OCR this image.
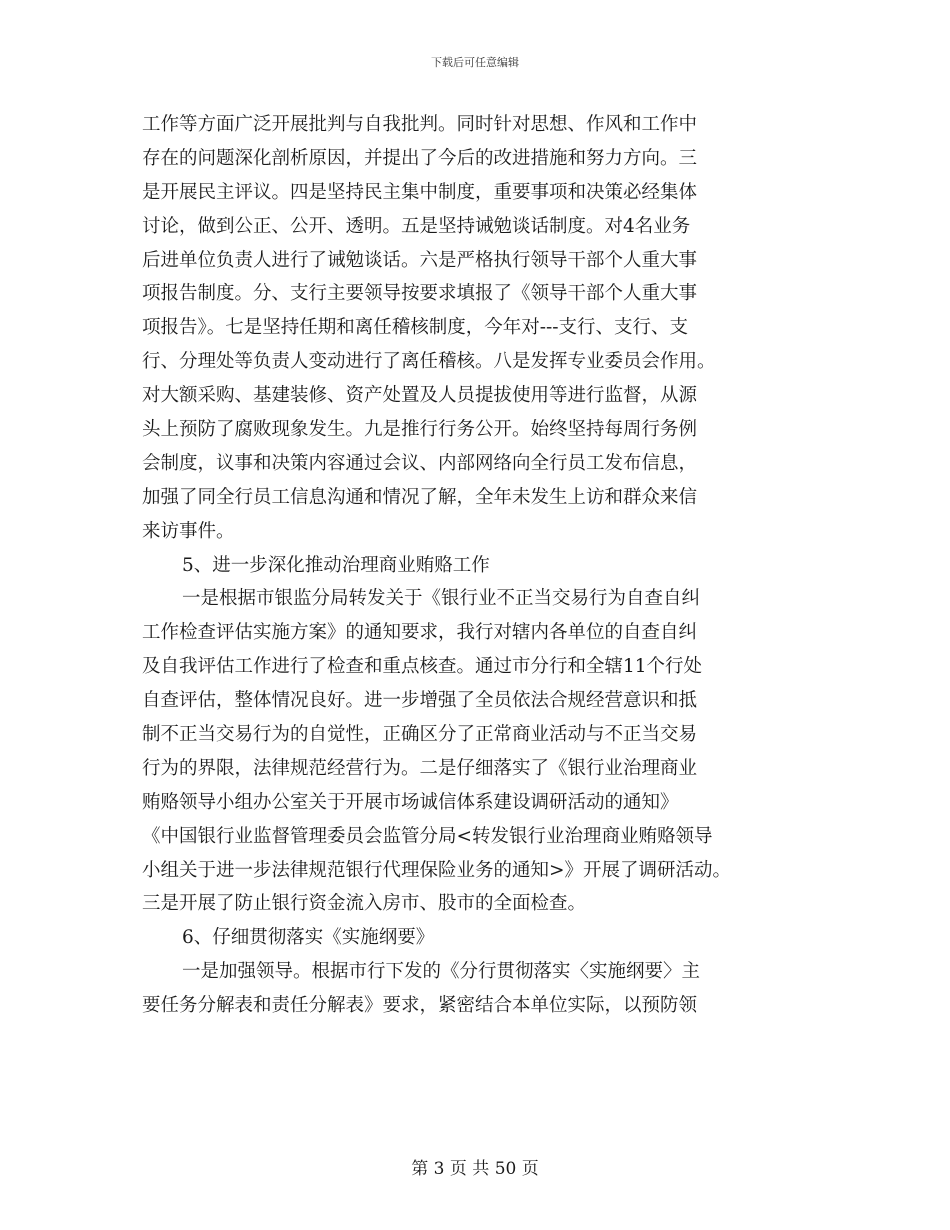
下载后可任意编辑
工作等方面广泛开展批判与自我批判。同时针对思想、作风和工作中
存在的问题深化剖析原因，并提出了今后的改进措施和努力方向。三
是开展民主评议。四是坚持民主集中制度，重要事项和决策必经集体
讨论，做到公正、公开、透明。五是坚持诫勉谈话制度。对4名业务
后进单位负责人进行了诫勉谈话。六是严格执行领导干部个人重大事
项报告制度。分、支行主要领导按要求填报了《领导干部个人重大事
项报告》。七是坚持任期和离任稽核制度，今年对---支行、支行、支
行、分理处等负责人变动进行了离任稽核。八是发挥专业委员会作用。
对大额采购、基建装修、资产处置及人员提拔使用等进行监督，从源
头上预防了腐败现象发生。九是推行行务公开。始终坚持每周行务例
会制度，议事和决策内容通过会议、内部网络向全行员工发布信息，
加强了同全行员工信息沟通和情况了解，全年未发生上访和群众来信
来访事件。
5、进一步深化推动治理商业贿赂工作
一是根据市银监分局转发关于《银行业不正当交易行为自查自纠
工作检查评估实施方案》的通知要求，我行对辖内各单位的自查自纠
及自我评估工作进行了检查和重点核查。通过市分行和全辖11个行处
自查评估，整体情况良好。进一步增强了全员依法合规经营意识和抵
制不正当交易行为的自觉性，正确区分了正常商业活动与不正当交易
行为的界限，法律规范经营行为。二是仔细落实了《银行业治理商业
贿赂领导小组办公室关于开展市场诚信体系建设调研活动的通知》
《中国银行业监督管理委员会监管分局<转发银行业治理商业贿赂领导
小组关于进一步法律规范银行代理保险业务的通知>》开展了调研活动。
三是开展了防止银行资金流入房市、股市的全面检查。
6、仔细贯彻落实《实施纲要》
一是加强领导。根据市行下发的《分行贯彻落实〈实施纲要〉主
要任务分解表和责任分解表》要求，紧密结合本单位实际，以预防领
第 3 页 共 50 页
